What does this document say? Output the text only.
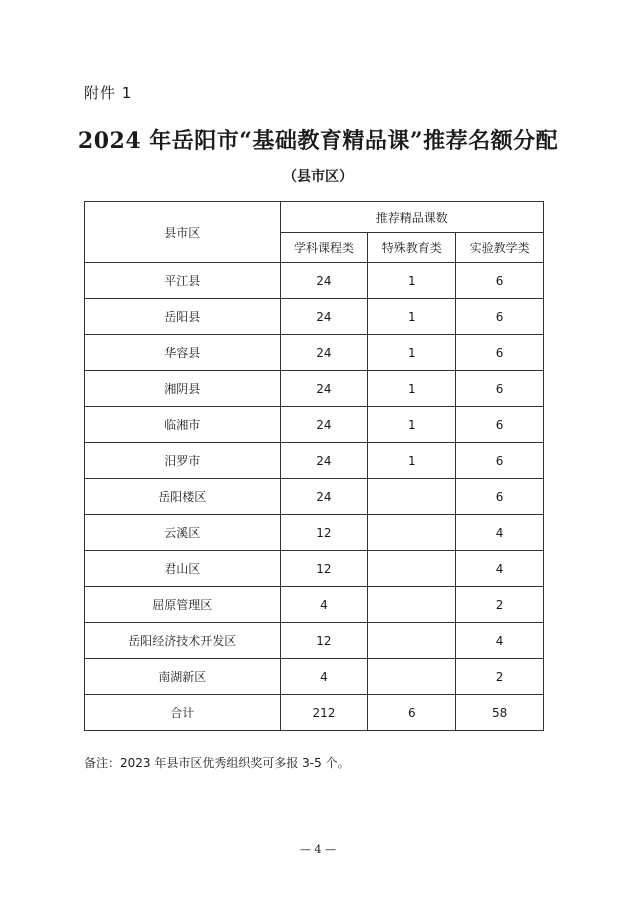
附件 1
2024 年岳阳市“基础教育精品课”推荐名额分配
（县市区）
县市区	推荐精品课数		
	学科课程类	特殊教育类	实验教学类
平江县	24	1	6
岳阳县	24	1	6
华容县	24	1	6
湘阴县	24	1	6
临湘市	24	1	6
汨罗市	24	1	6
岳阳楼区	24		6
云溪区	12		4
君山区	12		4
屈原管理区	4		2
岳阳经济技术开发区	12		4
南湖新区	4		2
合计	212	6	58
备注：2023 年县市区优秀组织奖可多报 3-5 个。
— 4 —
